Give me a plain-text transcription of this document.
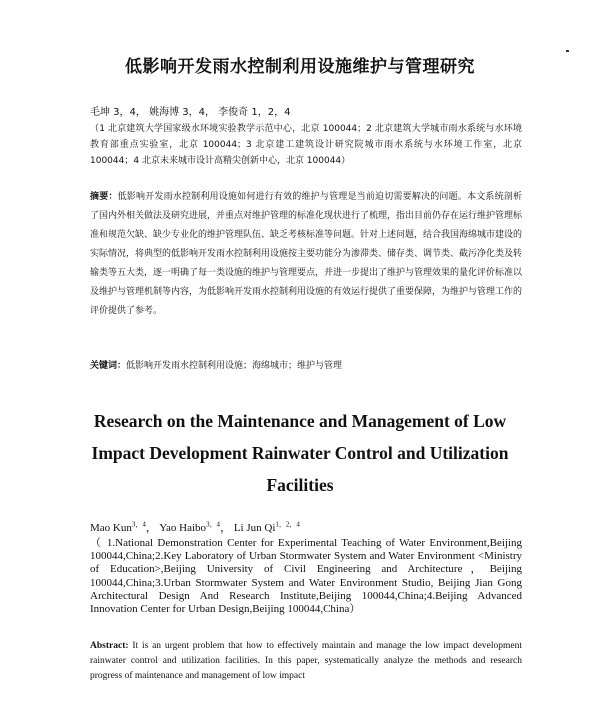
低影响开发雨水控制利用设施维护与管理研究
毛坤 3，4， 姚海博 3，4， 李俊奇 1，2，4
（1 北京建筑大学国家级水环境实验教学示范中心，北京 100044；2 北京建筑大学城市雨水系统与水环境教育部重点实验室，北京 100044；3 北京建工建筑设计研究院城市雨水系统与水环境工作室，北京 100044；4 北京未来城市设计高精尖创新中心，北京 100044）
摘要：低影响开发雨水控制利用设施如何进行有效的维护与管理是当前迫切需要解决的问题。本文系统剖析了国内外相关做法及研究进展，并重点对维护管理的标准化现状进行了梳理，指出目前仍存在运行维护管理标准和规范欠缺、缺少专业化的维护管理队伍、缺乏考核标准等问题。针对上述问题，结合我国海绵城市建设的实际情况，将典型的低影响开发雨水控制利用设施按主要功能分为渗滞类、储存类、调节类、截污净化类及转输类等五大类，逐一明确了每一类设施的维护与管理要点，并进一步提出了维护与管理效果的量化评价标准以及维护与管理机制等内容，为低影响开发雨水控制利用设施的有效运行提供了重要保障，为维护与管理工作的评价提供了参考。
关键词：低影响开发雨水控制利用设施；海绵城市；维护与管理
Research on the Maintenance and Management of Low Impact Development Rainwater Control and Utilization Facilities
Mao Kun$^{3,4}$， Yao Haibo$^{3,4}$， Li Jun $Qi^{1,2,4}$
（ 1.National Demonstration Center for Experimental Teaching of Water Environment,Beijing 100044,China;2.Key Laboratory of Urban Stormwater System and Water Environment <Ministry of Education>,Beijing University of Civil Engineering and Architecture，Beijing 100044,China;3.Urban Stormwater System and Water Environment Studio, Beijing Jian Gong Architectural Design And Research Institute,Beijing 100044,China;4.Beijing Advanced Innovation Center for Urban Design,Beijing 100044,China）
Abstract: It is an urgent problem that how to effectively maintain and manage the low impact development rainwater control and utilization facilities. In this paper, systematically analyze the methods and research progress of maintenance and management of low impact
